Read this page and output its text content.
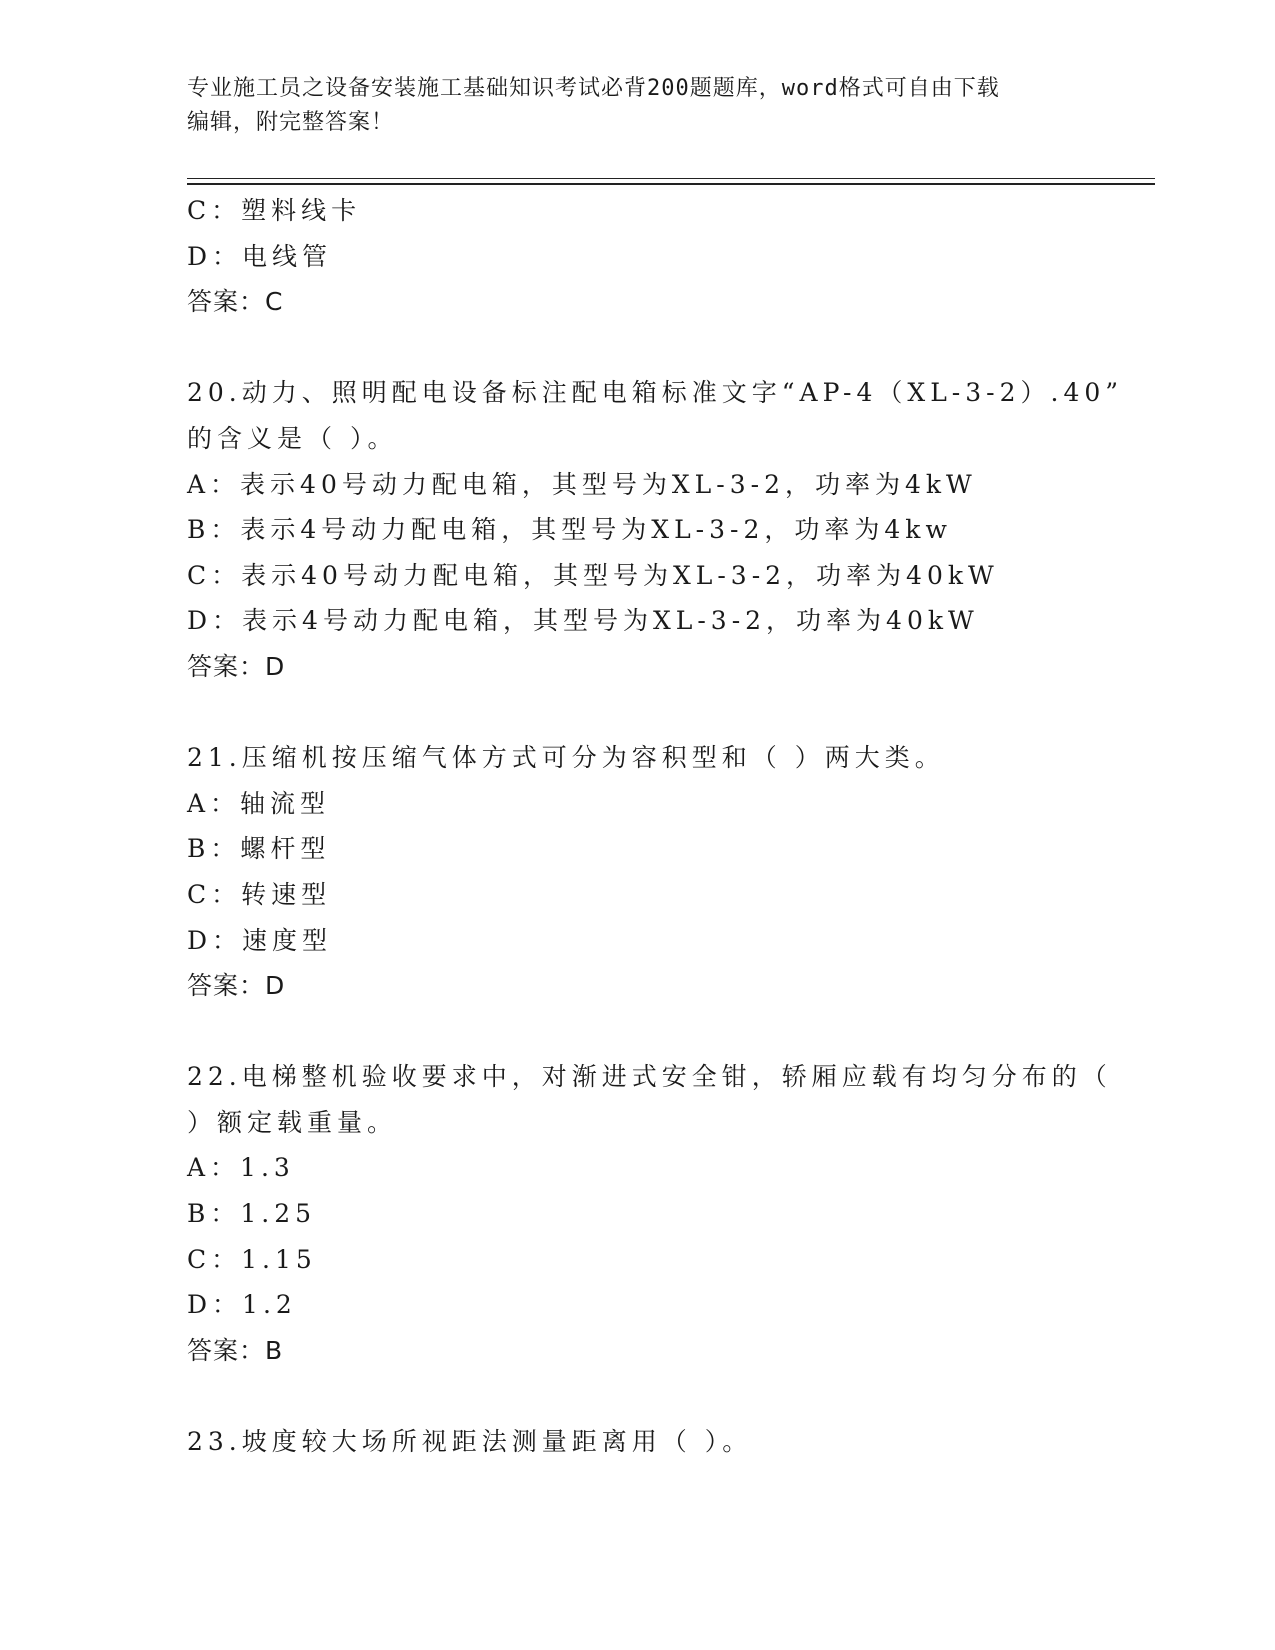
专业施工员之设备安装施工基础知识考试必背200题题库，word格式可自由下载
编辑，附完整答案！
C：塑料线卡
D：电线管
答案：C
20.动力、照明配电设备标注配电箱标准文字“AP-4（XL-3-2）.40”
的含义是（ ）。
A：表示40号动力配电箱，其型号为XL-3-2，功率为4kW
B：表示4号动力配电箱，其型号为XL-3-2，功率为4kw
C：表示40号动力配电箱，其型号为XL-3-2，功率为40kW
D：表示4号动力配电箱，其型号为XL-3-2，功率为40kW
答案：D
21.压缩机按压缩气体方式可分为容积型和（ ）两大类。
A：轴流型
B：螺杆型
C：转速型
D：速度型
答案：D
22.电梯整机验收要求中，对渐进式安全钳，轿厢应载有均匀分布的（
）额定载重量。
A：1.3
B：1.25
C：1.15
D：1.2
答案：B
23.坡度较大场所视距法测量距离用（ ）。
